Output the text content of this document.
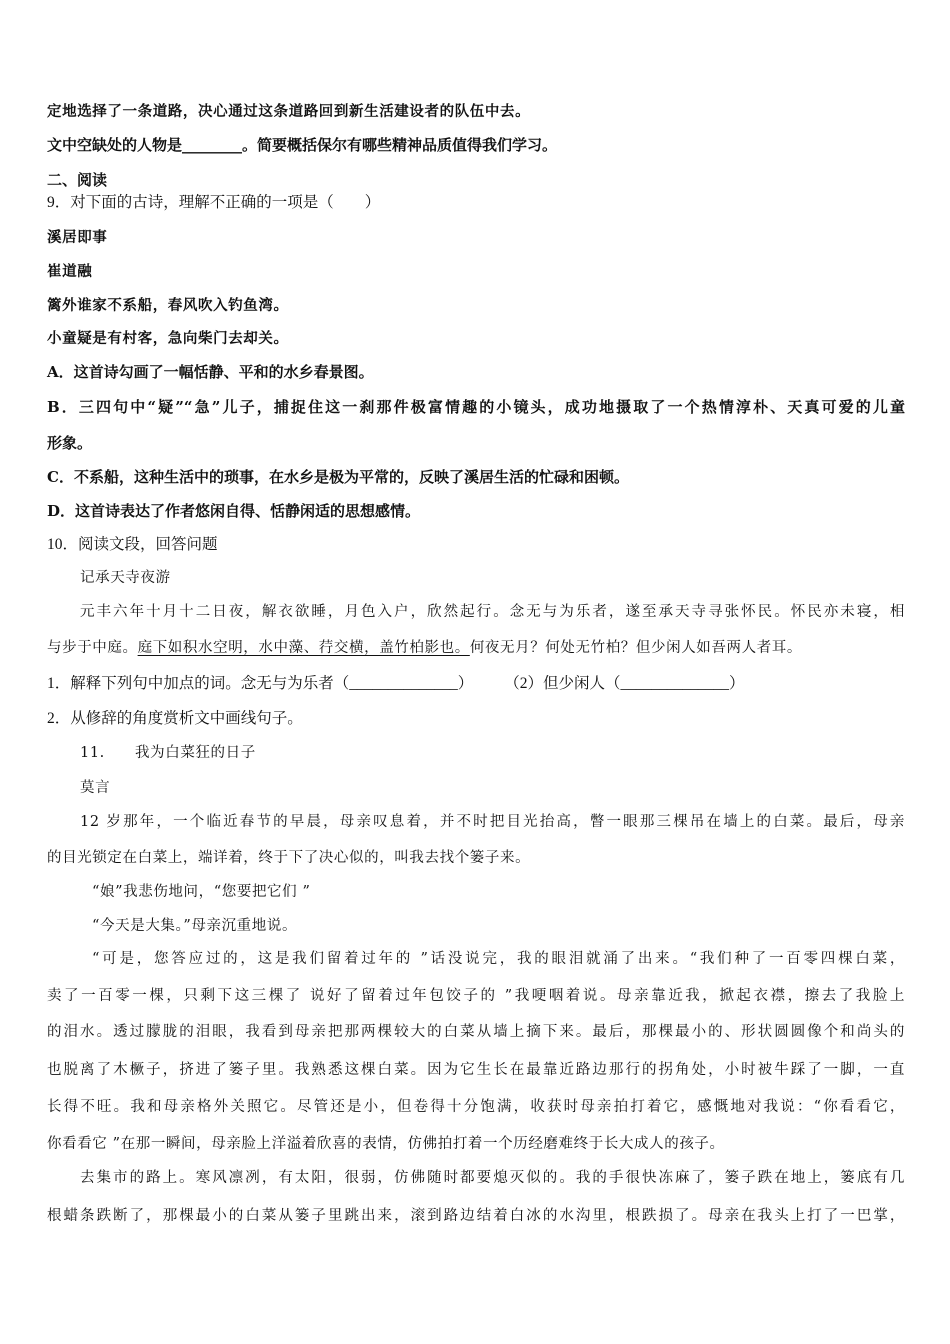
定地选择了一条道路，决心通过这条道路回到新生活建设者的队伍中去。
文中空缺处的人物是________。简要概括保尔有哪些精神品质值得我们学习。
二、阅读
9．对下面的古诗，理解不正确的一项是（　　）
溪居即事
崔道融
篱外谁家不系船，春风吹入钓鱼湾。
小童疑是有村客，急向柴门去却关。
A．这首诗勾画了一幅恬静、平和的水乡春景图。
B．三四句中“疑”“急”儿子，捕捉住这一刹那件极富情趣的小镜头，成功地摄取了一个热情淳朴、天真可爱的儿童
形象。
C．不系船，这种生活中的琐事，在水乡是极为平常的，反映了溪居生活的忙碌和困顿。
D．这首诗表达了作者悠闲自得、恬静闲适的思想感情。
10．阅读文段，回答问题
记承天寺夜游
元丰六年十月十二日夜，解衣欲睡，月色入户，欣然起行。念无与为乐者，遂至承天寺寻张怀民。怀民亦未寝，相
与步于中庭。庭下如积水空明，水中藻、荇交横，盖竹柏影也。何夜无月？何处无竹柏？但少闲人如吾两人者耳。
1．解释下列句中加点的词。念无与为乐者（______________）　　　（2）但少闲人（______________）
2．从修辞的角度赏析文中画线句子。
11.　　我为白菜狂的日子
莫言
12 岁那年，一个临近春节的早晨，母亲叹息着，并不时把目光抬高，瞥一眼那三棵吊在墙上的白菜。最后，母亲
的目光锁定在白菜上，端详着，终于下了决心似的，叫我去找个篓子来。
“娘”我悲伤地问，“您要把它们 ”
“今天是大集。”母亲沉重地说。
“可是，您答应过的，这是我们留着过年的 ”话没说完，我的眼泪就涌了出来。“我们种了一百零四棵白菜，
卖了一百零一棵，只剩下这三棵了 说好了留着过年包饺子的 ”我哽咽着说。母亲靠近我，掀起衣襟，擦去了我脸上
的泪水。透过朦胧的泪眼，我看到母亲把那两棵较大的白菜从墙上摘下来。最后，那棵最小的、形状圆圆像个和尚头的
也脱离了木橛子，挤进了篓子里。我熟悉这棵白菜。因为它生长在最靠近路边那行的拐角处，小时被牛踩了一脚，一直
长得不旺。我和母亲格外关照它。尽管还是小，但卷得十分饱满，收获时母亲拍打着它，感慨地对我说：“你看看它，
你看看它 ”在那一瞬间，母亲脸上洋溢着欣喜的表情，仿佛拍打着一个历经磨难终于长大成人的孩子。
去集市的路上。寒风凛冽，有太阳，很弱，仿佛随时都要熄灭似的。我的手很快冻麻了，篓子跌在地上，篓底有几
根蜡条跌断了，那棵最小的白菜从篓子里跳出来，滚到路边结着白冰的水沟里，根跌损了。母亲在我头上打了一巴掌，
